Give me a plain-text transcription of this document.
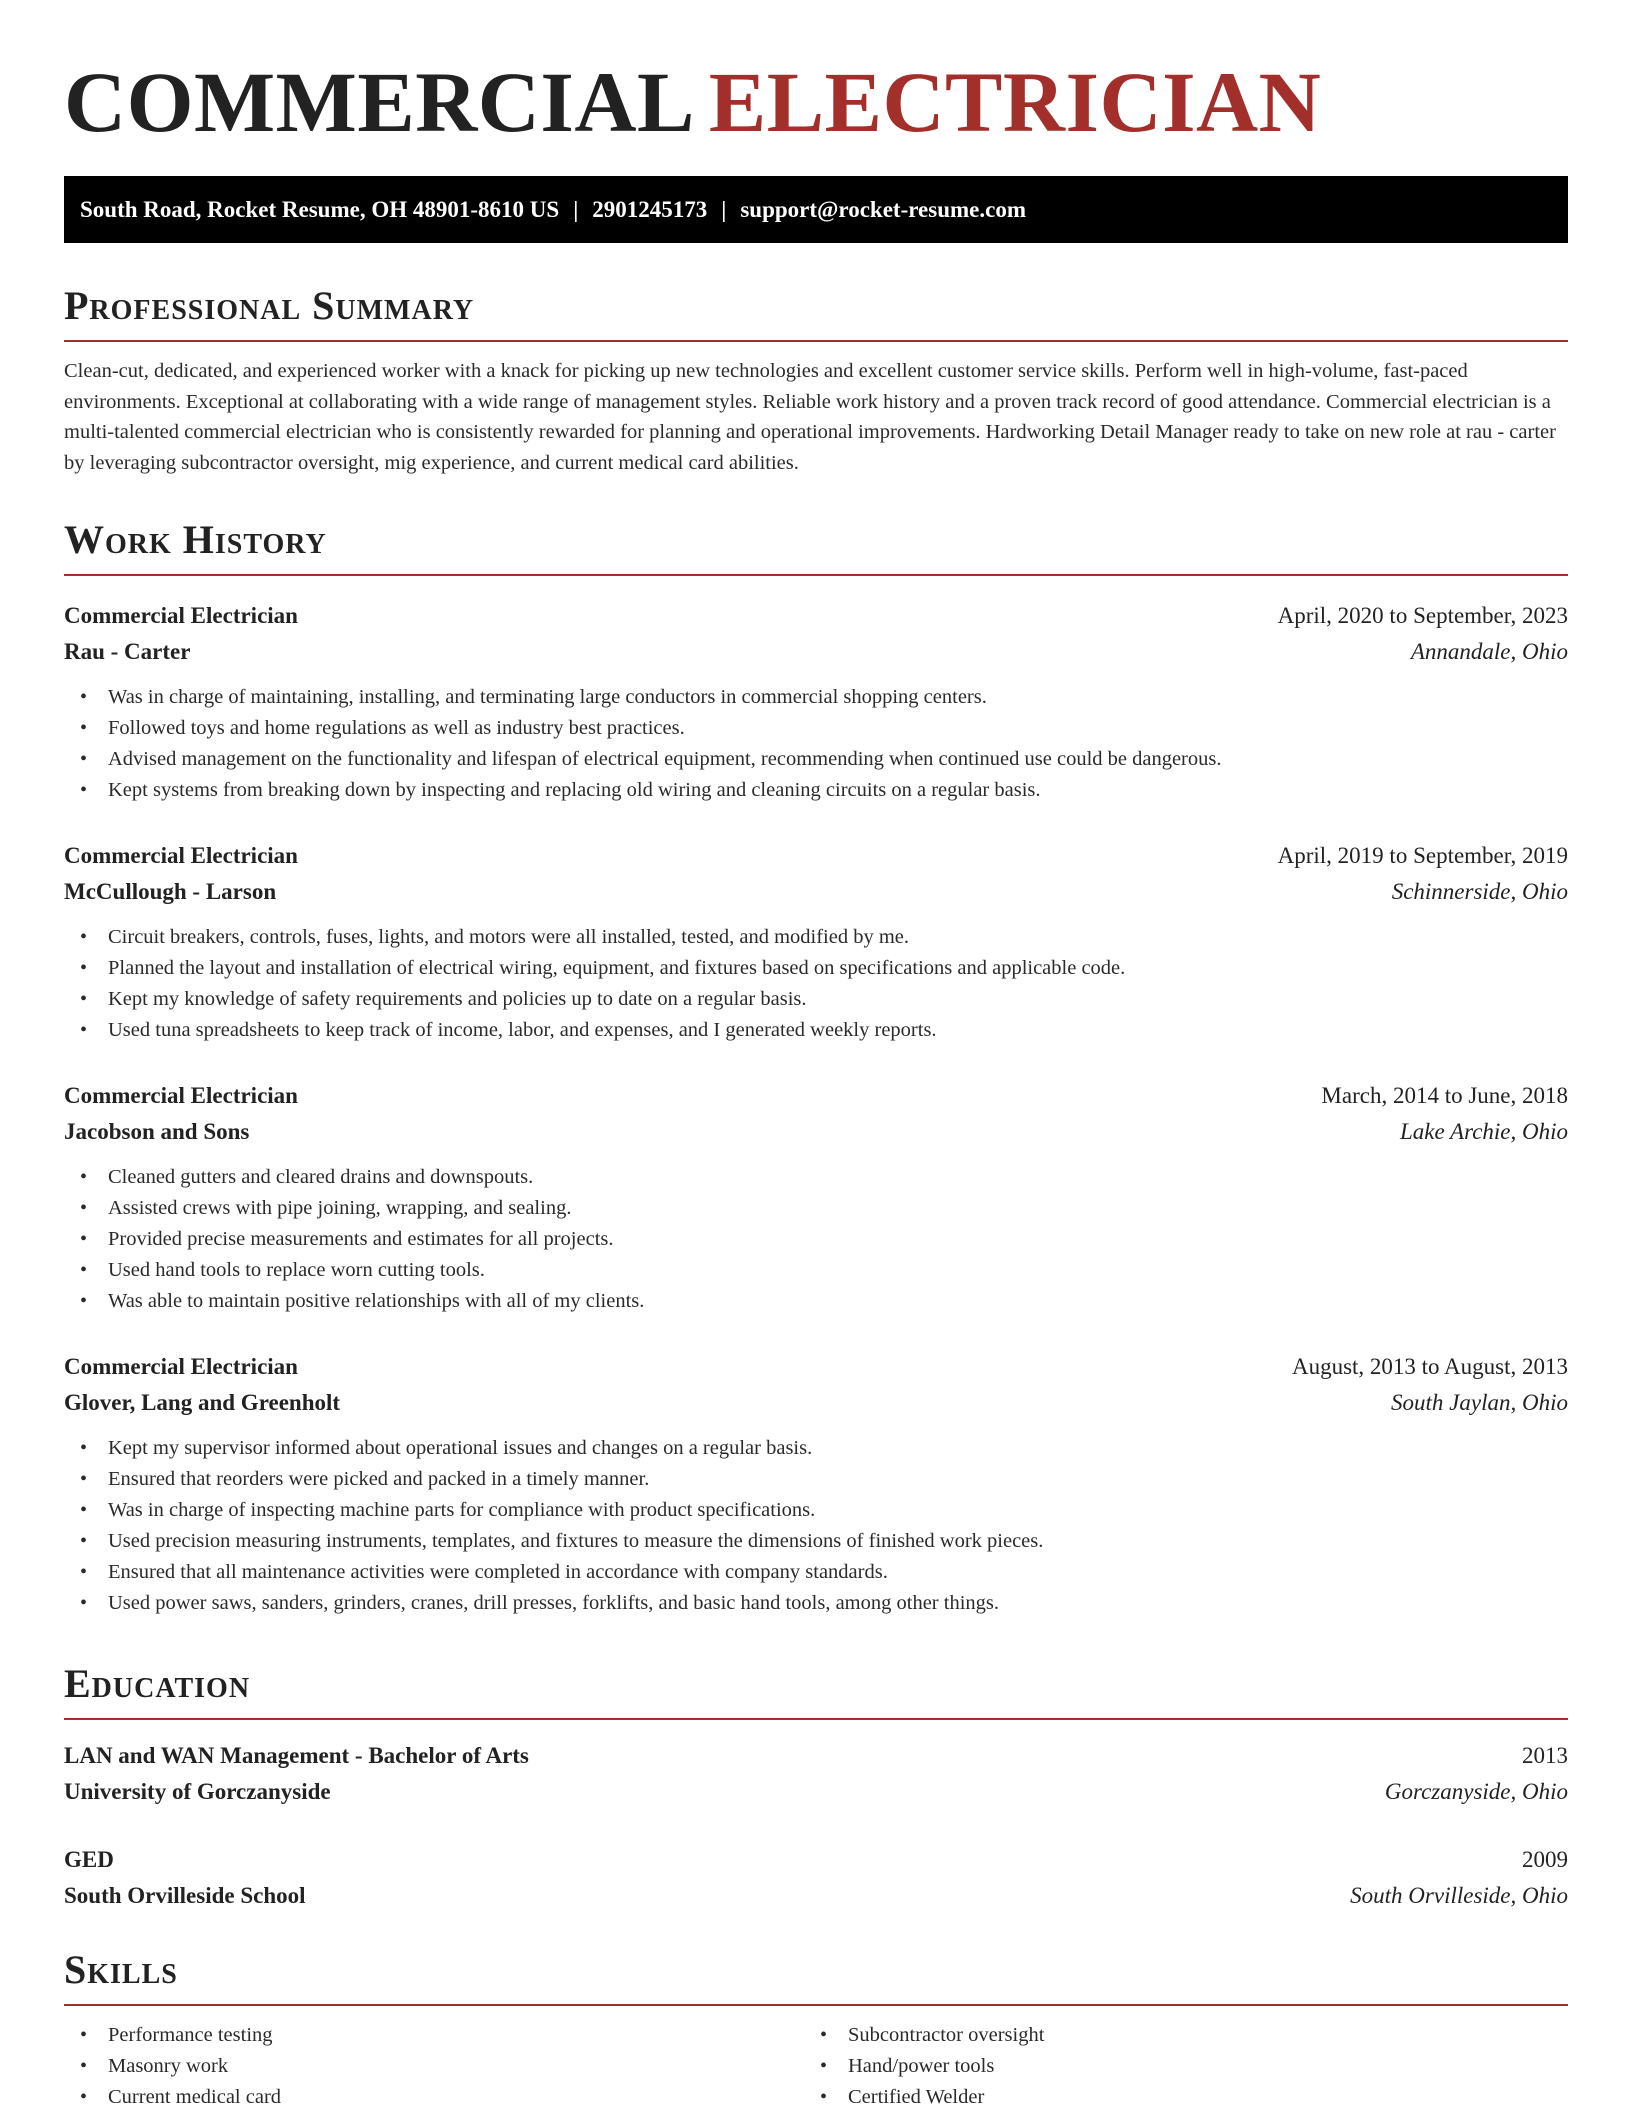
COMMERCIAL ELECTRICIAN
South Road, Rocket Resume, OH 48901-8610 US | 2901245173 | support@rocket-resume.com
Professional Summary
Clean-cut, dedicated, and experienced worker with a knack for picking up new technologies and excellent customer service skills. Perform well in high-volume, fast-paced environments. Exceptional at collaborating with a wide range of management styles. Reliable work history and a proven track record of good attendance. Commercial electrician is a multi-talented commercial electrician who is consistently rewarded for planning and operational improvements. Hardworking Detail Manager ready to take on new role at rau - carter by leveraging subcontractor oversight, mig experience, and current medical card abilities.
Work History
Commercial Electrician	April, 2020 to September, 2023
Rau - Carter	Annandale, Ohio
• Was in charge of maintaining, installing, and terminating large conductors in commercial shopping centers.
• Followed toys and home regulations as well as industry best practices.
• Advised management on the functionality and lifespan of electrical equipment, recommending when continued use could be dangerous.
• Kept systems from breaking down by inspecting and replacing old wiring and cleaning circuits on a regular basis.
Commercial Electrician	April, 2019 to September, 2019
McCullough - Larson	Schinnerside, Ohio
• Circuit breakers, controls, fuses, lights, and motors were all installed, tested, and modified by me.
• Planned the layout and installation of electrical wiring, equipment, and fixtures based on specifications and applicable code.
• Kept my knowledge of safety requirements and policies up to date on a regular basis.
• Used tuna spreadsheets to keep track of income, labor, and expenses, and I generated weekly reports.
Commercial Electrician	March, 2014 to June, 2018
Jacobson and Sons	Lake Archie, Ohio
• Cleaned gutters and cleared drains and downspouts.
• Assisted crews with pipe joining, wrapping, and sealing.
• Provided precise measurements and estimates for all projects.
• Used hand tools to replace worn cutting tools.
• Was able to maintain positive relationships with all of my clients.
Commercial Electrician	August, 2013 to August, 2013
Glover, Lang and Greenholt	South Jaylan, Ohio
• Kept my supervisor informed about operational issues and changes on a regular basis.
• Ensured that reorders were picked and packed in a timely manner.
• Was in charge of inspecting machine parts for compliance with product specifications.
• Used precision measuring instruments, templates, and fixtures to measure the dimensions of finished work pieces.
• Ensured that all maintenance activities were completed in accordance with company standards.
• Used power saws, sanders, grinders, cranes, drill presses, forklifts, and basic hand tools, among other things.
Education
LAN and WAN Management - Bachelor of Arts	2013
University of Gorczanyside	Gorczanyside, Ohio
GED	2009
South Orvilleside School	South Orvilleside, Ohio
Skills
• Performance testing
• Masonry work
• Current medical card
• Subcontractor oversight
• Hand/power tools
• Certified Welder
